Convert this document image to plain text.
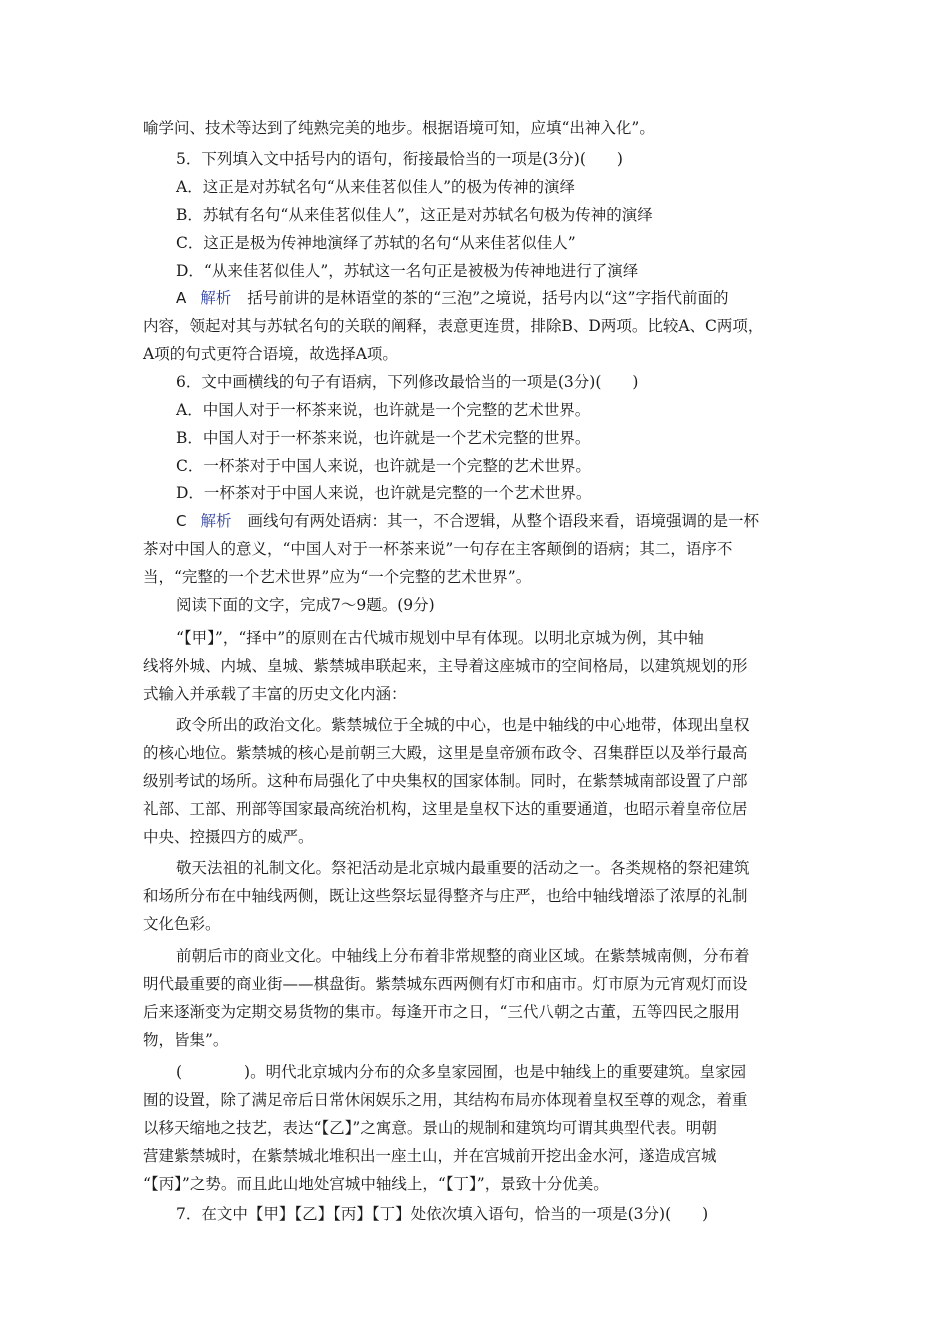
喻学问、技术等达到了纯熟完美的地步。根据语境可知，应填“出神入化”。
5．下列填入文中括号内的语句，衔接最恰当的一项是(3分)(　　)
A．这正是对苏轼名句“从来佳茗似佳人”的极为传神的演绎
B．苏轼有名句“从来佳茗似佳人”，这正是对苏轼名句极为传神的演绎
C．这正是极为传神地演绎了苏轼的名句“从来佳茗似佳人”
D．“从来佳茗似佳人”，苏轼这一名句正是被极为传神地进行了演绎
A 解析 括号前讲的是林语堂的茶的“三泡”之境说，括号内以“这”字指代前面的
内容，领起对其与苏轼名句的关联的阐释，表意更连贯，排除B、D两项。比较A、C两项，
A项的句式更符合语境，故选择A项。
6．文中画横线的句子有语病，下列修改最恰当的一项是(3分)(　　)
A．中国人对于一杯茶来说，也许就是一个完整的艺术世界。
B．中国人对于一杯茶来说，也许就是一个艺术完整的世界。
C．一杯茶对于中国人来说，也许就是一个完整的艺术世界。
D．一杯茶对于中国人来说，也许就是完整的一个艺术世界。
C 解析 画线句有两处语病：其一，不合逻辑，从整个语段来看，语境强调的是一杯
茶对中国人的意义，“中国人对于一杯茶来说”一句存在主客颠倒的语病；其二，语序不
当，“完整的一个艺术世界”应为“一个完整的艺术世界”。
阅读下面的文字，完成7～9题。(9分)
“【甲】”，“择中”的原则在古代城市规划中早有体现。以明北京城为例，其中轴
线将外城、内城、皇城、紫禁城串联起来，主导着这座城市的空间格局，以建筑规划的形
式输入并承载了丰富的历史文化内涵：
政令所出的政治文化。紫禁城位于全城的中心，也是中轴线的中心地带，体现出皇权
的核心地位。紫禁城的核心是前朝三大殿，这里是皇帝颁布政令、召集群臣以及举行最高
级别考试的场所。这种布局强化了中央集权的国家体制。同时，在紫禁城南部设置了户部
礼部、工部、刑部等国家最高统治机构，这里是皇权下达的重要通道，也昭示着皇帝位居
中央、控摄四方的威严。
敬天法祖的礼制文化。祭祀活动是北京城内最重要的活动之一。各类规格的祭祀建筑
和场所分布在中轴线两侧，既让这些祭坛显得整齐与庄严，也给中轴线增添了浓厚的礼制
文化色彩。
前朝后市的商业文化。中轴线上分布着非常规整的商业区域。在紫禁城南侧，分布着
明代最重要的商业街——棋盘街。紫禁城东西两侧有灯市和庙市。灯市原为元宵观灯而设
后来逐渐变为定期交易货物的集市。每逢开市之日，“三代八朝之古董，五等四民之服用
物，皆集”。
(　　　　)。明代北京城内分布的众多皇家园囿，也是中轴线上的重要建筑。皇家园
囿的设置，除了满足帝后日常休闲娱乐之用，其结构布局亦体现着皇权至尊的观念，着重
以移天缩地之技艺，表达“【乙】”之寓意。景山的规制和建筑均可谓其典型代表。明朝
营建紫禁城时，在紫禁城北堆积出一座土山，并在宫城前开挖出金水河，遂造成宫城
“【丙】”之势。而且此山地处宫城中轴线上，“【丁】”，景致十分优美。
7．在文中【甲】【乙】【丙】【丁】处依次填入语句，恰当的一项是(3分)(　　)
